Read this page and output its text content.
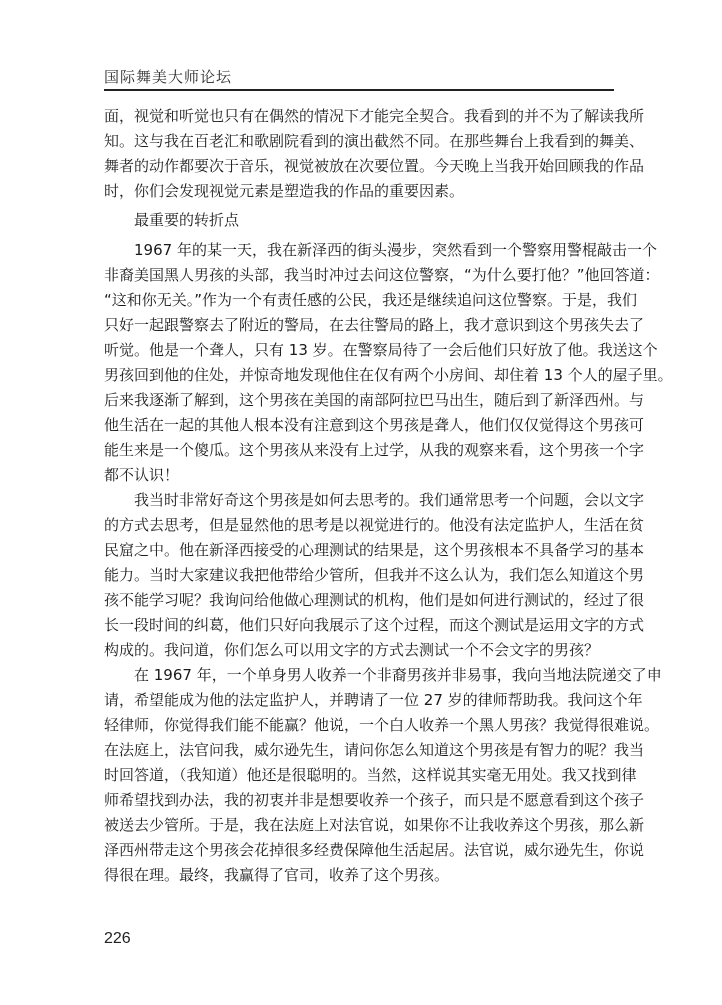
国际舞美大师论坛
面，视觉和听觉也只有在偶然的情况下才能完全契合。我看到的并不为了解读我所
知。这与我在百老汇和歌剧院看到的演出截然不同。在那些舞台上我看到的舞美、
舞者的动作都要次于音乐，视觉被放在次要位置。今天晚上当我开始回顾我的作品
时，你们会发现视觉元素是塑造我的作品的重要因素。
最重要的转折点
1967 年的某一天，我在新泽西的街头漫步，突然看到一个警察用警棍敲击一个
非裔美国黑人男孩的头部，我当时冲过去问这位警察，“为什么要打他？”他回答道：
“这和你无关。”作为一个有责任感的公民，我还是继续追问这位警察。于是，我们
只好一起跟警察去了附近的警局，在去往警局的路上，我才意识到这个男孩失去了
听觉。他是一个聋人，只有 13 岁。在警察局待了一会后他们只好放了他。我送这个
男孩回到他的住处，并惊奇地发现他住在仅有两个小房间、却住着 13 个人的屋子里。
后来我逐渐了解到，这个男孩在美国的南部阿拉巴马出生，随后到了新泽西州。与
他生活在一起的其他人根本没有注意到这个男孩是聋人，他们仅仅觉得这个男孩可
能生来是一个傻瓜。这个男孩从来没有上过学，从我的观察来看，这个男孩一个字
都不认识！
我当时非常好奇这个男孩是如何去思考的。我们通常思考一个问题，会以文字
的方式去思考，但是显然他的思考是以视觉进行的。他没有法定监护人，生活在贫
民窟之中。他在新泽西接受的心理测试的结果是，这个男孩根本不具备学习的基本
能力。当时大家建议我把他带给少管所，但我并不这么认为，我们怎么知道这个男
孩不能学习呢？我询问给他做心理测试的机构，他们是如何进行测试的，经过了很
长一段时间的纠葛，他们只好向我展示了这个过程，而这个测试是运用文字的方式
构成的。我问道，你们怎么可以用文字的方式去测试一个不会文字的男孩？
在 1967 年，一个单身男人收养一个非裔男孩并非易事，我向当地法院递交了申
请，希望能成为他的法定监护人，并聘请了一位 27 岁的律师帮助我。我问这个年
轻律师，你觉得我们能不能赢？他说，一个白人收养一个黑人男孩？我觉得很难说。
在法庭上，法官问我，威尔逊先生，请问你怎么知道这个男孩是有智力的呢？我当
时回答道，（我知道）他还是很聪明的。当然，这样说其实毫无用处。我又找到律
师希望找到办法，我的初衷并非是想要收养一个孩子，而只是不愿意看到这个孩子
被送去少管所。于是，我在法庭上对法官说，如果你不让我收养这个男孩，那么新
泽西州带走这个男孩会花掉很多经费保障他生活起居。法官说，威尔逊先生，你说
得很在理。最终，我赢得了官司，收养了这个男孩。
226
